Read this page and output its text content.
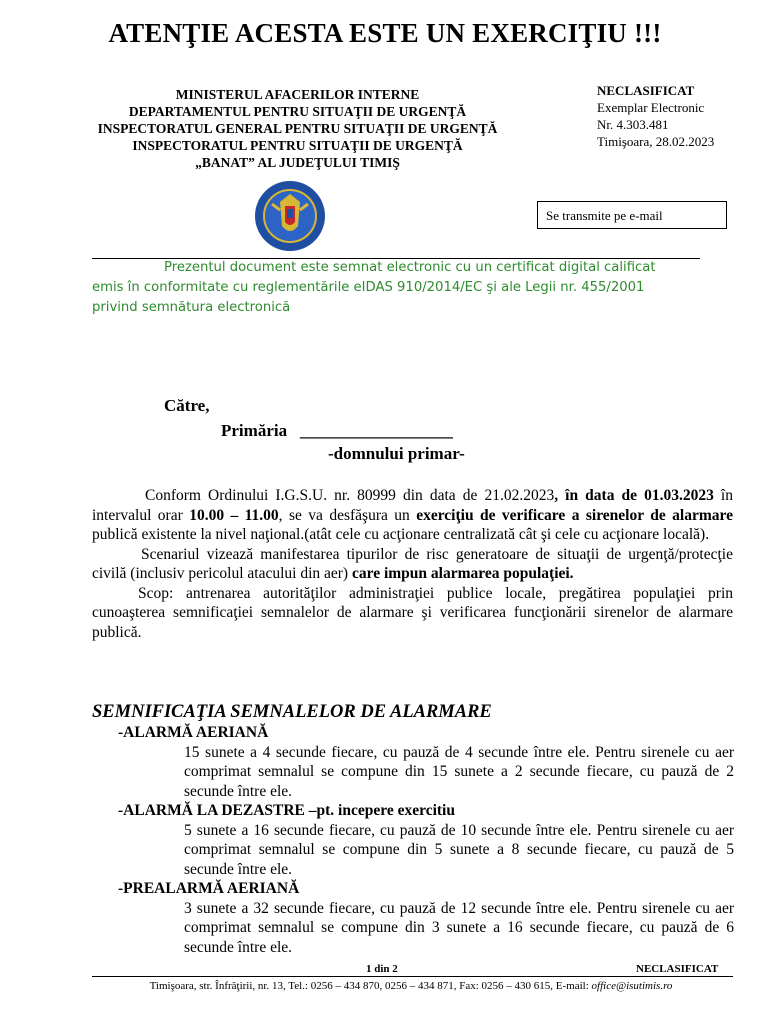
ATENŢIE ACESTA ESTE UN EXERCIŢIU !!!
MINISTERUL AFACERILOR INTERNE
DEPARTAMENTUL PENTRU SITUAŢII DE URGENŢĂ
INSPECTORATUL GENERAL PENTRU SITUAŢII DE URGENŢĂ
INSPECTORATUL PENTRU SITUAŢII DE URGENŢĂ
„BANAT” AL JUDEŢULUI TIMIŞ
NECLASIFICAT
Exemplar Electronic
Nr. 4.303.481
Timişoara, 28.02.2023
Se transmite pe e-mail
Prezentul document este semnat electronic cu un certificat digital calificat
emis în conformitate cu reglementările eIDAS 910/2014/EC şi ale Legii nr. 455/2001
privind semnătura electronică
Către,
Primăria __________________
-domnului primar-

Conform Ordinului I.G.S.U. nr. 80999 din data de 21.02.2023, în data de 01.03.2023 în intervalul orar 10.00 – 11.00, se va desfăşura un exerciţiu de verificare a sirenelor de alarmare publică existente la nivel naţional.(atât cele cu acţionare centralizată cât şi cele cu acţionare locală).

Scenariul vizează manifestarea tipurilor de risc generatoare de situaţii de urgenţă/protecţie civilă (inclusiv pericolul atacului din aer) care impun alarmarea populaţiei.

Scop: antrenarea autorităţilor administraţiei publice locale, pregătirea populaţiei prin cunoaşterea semnificaţiei semnalelor de alarmare şi verificarea funcţionării sirenelor de alarmare publică.

SEMNIFICAŢIA SEMNALELOR DE ALARMARE
-ALARMĂ AERIANĂ
15 sunete a 4 secunde fiecare, cu pauză de 4 secunde între ele. Pentru sirenele cu aer comprimat semnalul se compune din 15 sunete a 2 secunde fiecare, cu pauză de 2 secunde între ele.
-ALARMĂ LA DEZASTRE –pt. incepere exercitiu
5 sunete a 16 secunde fiecare, cu pauză de 10 secunde între ele. Pentru sirenele cu aer comprimat semnalul se compune din 5 sunete a 8 secunde fiecare, cu pauză de 5 secunde între ele.
-PREALARMĂ AERIANĂ
3 sunete a 32 secunde fiecare, cu pauză de 12 secunde între ele. Pentru sirenele cu aer comprimat semnalul se compune din 3 sunete a 16 secunde fiecare, cu pauză de 6 secunde între ele.
1 din 2	NECLASIFICAT
Timişoara, str. Înfrăţirii, nr. 13, Tel.: 0256 – 434 870, 0256 – 434 871, Fax: 0256 – 430 615, E-mail: office@isutimis.ro
